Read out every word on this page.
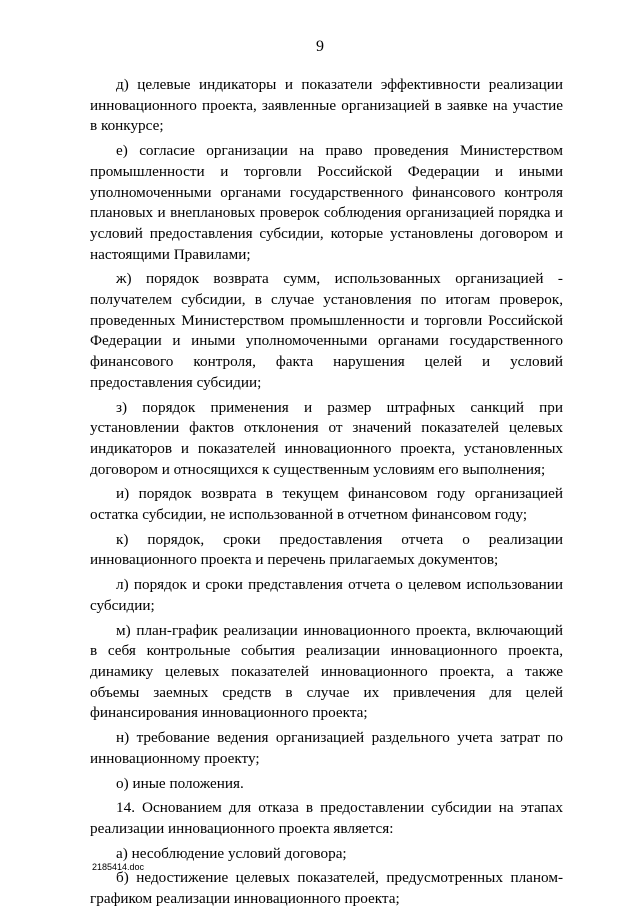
9

д) целевые индикаторы и показатели эффективности реализации инновационного проекта, заявленные организацией в заявке на участие в конкурсе;

е) согласие организации на право проведения Министерством промышленности и торговли Российской Федерации и иными уполномоченными органами государственного финансового контроля плановых и внеплановых проверок соблюдения организацией порядка и условий предоставления субсидии, которые установлены договором и настоящими Правилами;

ж) порядок возврата сумм, использованных организацией - получателем субсидии, в случае установления по итогам проверок, проведенных Министерством промышленности и торговли Российской Федерации и иными уполномоченными органами государственного финансового контроля, факта нарушения целей и условий предоставления субсидии;

з) порядок применения и размер штрафных санкций при установлении фактов отклонения от значений показателей целевых индикаторов и показателей инновационного проекта, установленных договором и относящихся к существенным условиям его выполнения;

и) порядок возврата в текущем финансовом году организацией остатка субсидии, не использованной в отчетном финансовом году;

к) порядок, сроки предоставления отчета о реализации инновационного проекта и перечень прилагаемых документов;

л) порядок и сроки представления отчета о целевом использовании субсидии;

м) план-график реализации инновационного проекта, включающий в себя контрольные события реализации инновационного проекта, динамику целевых показателей инновационного проекта, а также объемы заемных средств в случае их привлечения для целей финансирования инновационного проекта;

н) требование ведения организацией раздельного учета затрат по инновационному проекту;

о) иные положения.

14. Основанием для отказа в предоставлении субсидии на этапах реализации инновационного проекта является:

а) несоблюдение условий договора;

б) недостижение целевых показателей, предусмотренных планом-графиком реализации инновационного проекта;

2185414.doc
